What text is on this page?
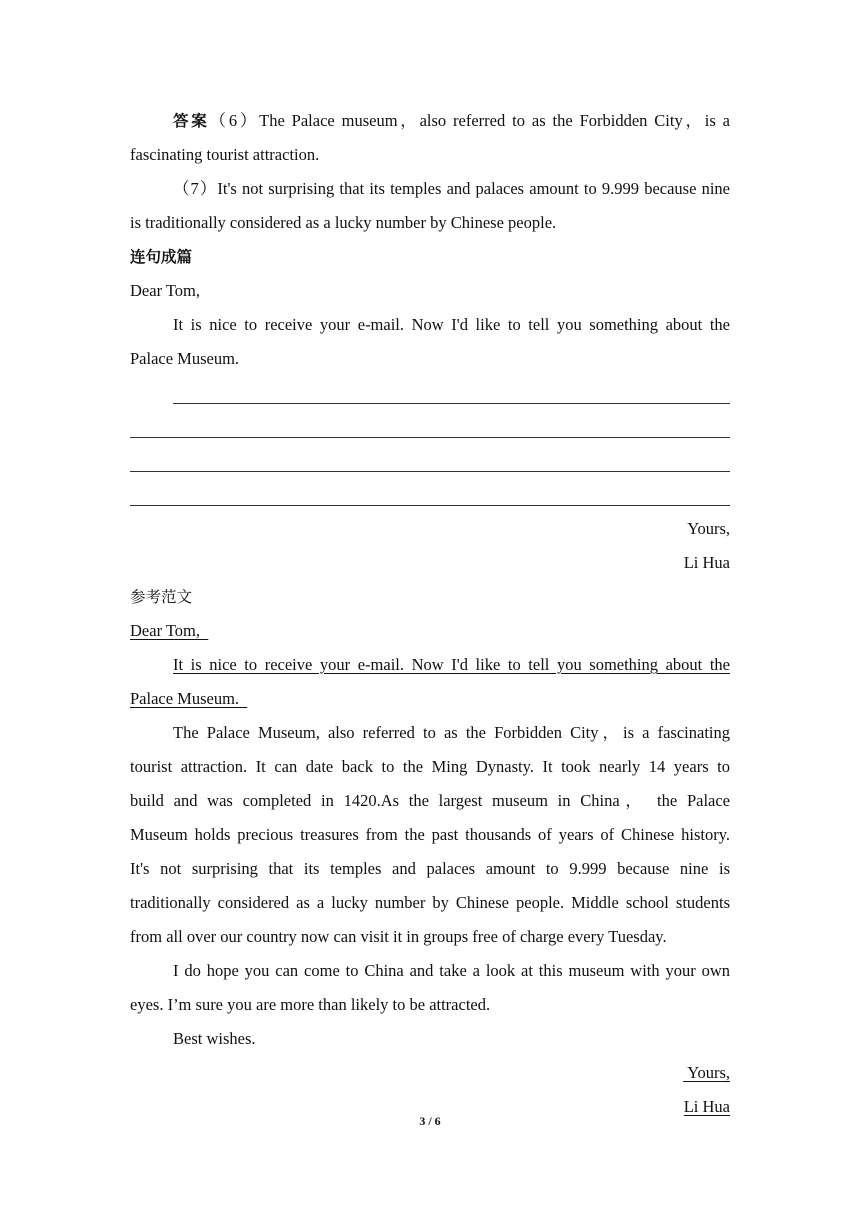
答案（6）The Palace museum，also referred to as the Forbidden City，is a
fascinating tourist attraction.
（7）It's not surprising that its temples and palaces amount to 9.999 because nine
is traditionally considered as a lucky number by Chinese people.
连句成篇
Dear Tom,
It is nice to receive your e-mail. Now I'd like to tell you something about the
Palace Museum.
Yours,
Li Hua
参考范文
Dear Tom,
It is nice to receive your e-mail. Now I'd like to tell you something about the
Palace Museum.
The Palace Museum, also referred to as the Forbidden City，is a fascinating
tourist attraction. It can date back to the Ming Dynasty. It took nearly 14 years to
build and was completed in 1420.As the largest museum in China， the Palace
Museum holds precious treasures from the past thousands of years of Chinese history.
It's not surprising that its temples and palaces amount to 9.999 because nine is
traditionally considered as a lucky number by Chinese people. Middle school students
from all over our country now can visit it in groups free of charge every Tuesday.
I do hope you can come to China and take a look at this museum with your own
eyes. I’m sure you are more than likely to be attracted.
Best wishes.
Yours,
Li Hua
3 / 6
